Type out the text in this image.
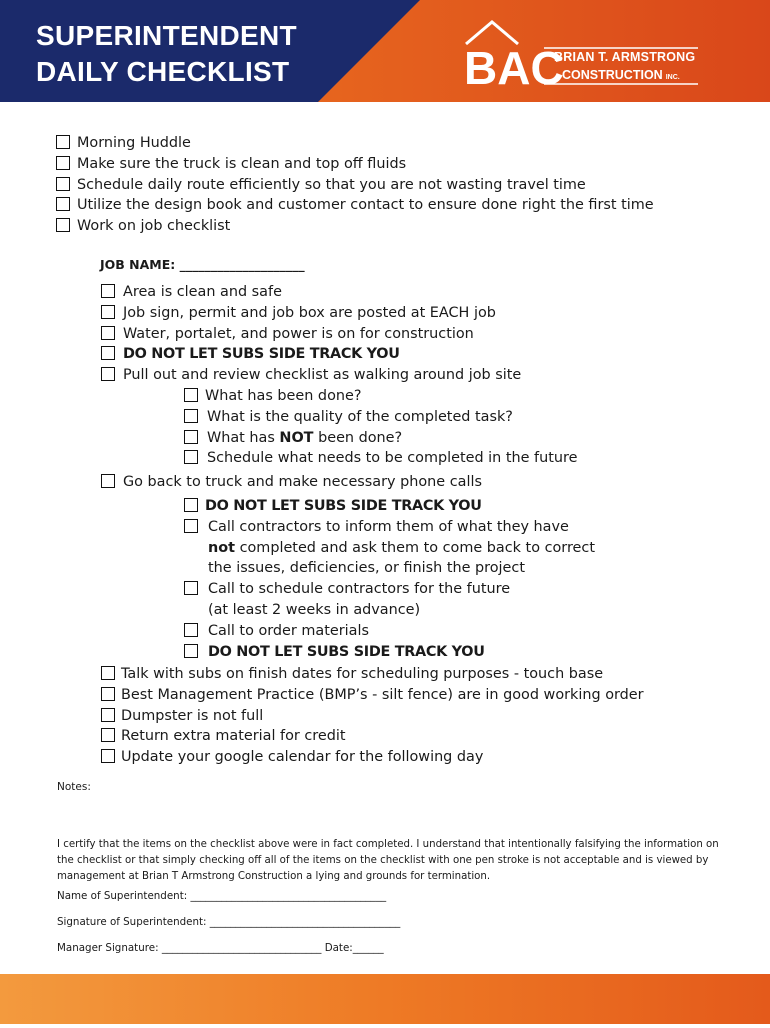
SUPERINTENDENT
DAILY CHECKLIST	BAC
BRIAN T. ARMSTRONG
CONSTRUCTION INC.
Morning Huddle
Make sure the truck is clean and top off fluids
Schedule daily route efficiently so that you are not wasting travel time
Utilize the design book and customer contact to ensure done right the first time
Work on job checklist
JOB NAME: ____________________
Area is clean and safe
Job sign, permit and job box are posted at EACH job
Water, portalet, and power is on for construction
DO NOT LET SUBS SIDE TRACK YOU
Pull out and review checklist as walking around job site
What has been done?
What is the quality of the completed task?
What has NOT been done?
Schedule what needs to be completed in the future
Go back to truck and make necessary phone calls
DO NOT LET SUBS SIDE TRACK YOU
Call contractors to inform them of what they have
not completed and ask them to come back to correct
the issues, deficiencies, or finish the project
Call to schedule contractors for the future
(at least 2 weeks in advance)
Call to order materials
DO NOT LET SUBS SIDE TRACK YOU
Talk with subs on finish dates for scheduling purposes - touch base
Best Management Practice (BMP’s - silt fence) are in good working order
Dumpster is not full
Return extra material for credit
Update your google calendar for the following day
Notes:
I certify that the items on the checklist above were in fact completed. I understand that intentionally falsifying the information on the checklist or that simply checking off all of the items on the checklist with one pen stroke is not acceptable and is viewed by management at Brian T Armstrong Construction a lying and grounds for termination.
Name of Superintendent: ______________________________________
Signature of Superintendent: _____________________________________
Manager Signature: _______________________________ Date:______
